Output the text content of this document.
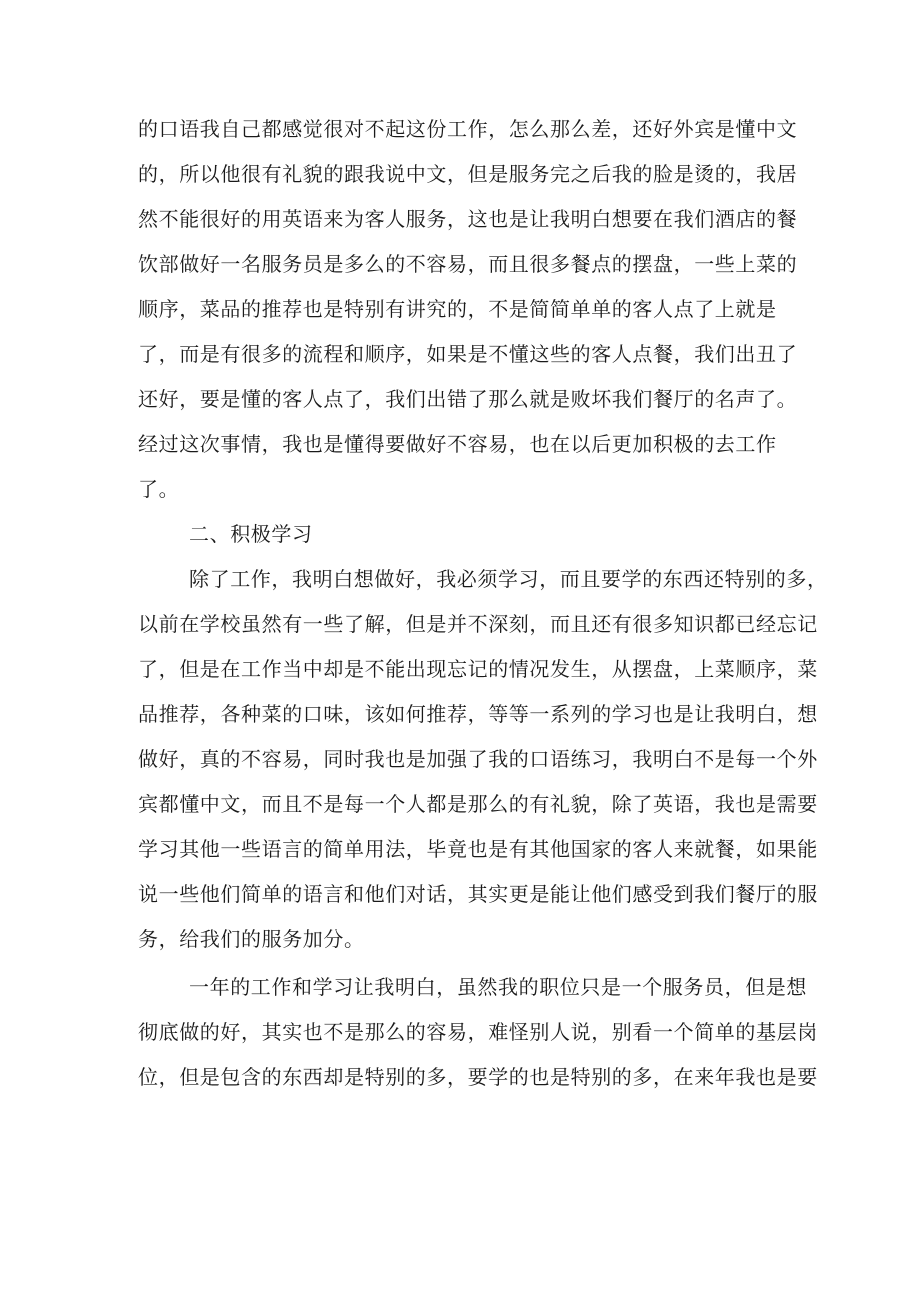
的口语我自己都感觉很对不起这份工作，怎么那么差，还好外宾是懂中文
的，所以他很有礼貌的跟我说中文，但是服务完之后我的脸是烫的，我居
然不能很好的用英语来为客人服务，这也是让我明白想要在我们酒店的餐
饮部做好一名服务员是多么的不容易，而且很多餐点的摆盘，一些上菜的
顺序，菜品的推荐也是特别有讲究的，不是简简单单的客人点了上就是
了，而是有很多的流程和顺序，如果是不懂这些的客人点餐，我们出丑了
还好，要是懂的客人点了，我们出错了那么就是败坏我们餐厅的名声了。
经过这次事情，我也是懂得要做好不容易，也在以后更加积极的去工作
了。
二、积极学习
除了工作，我明白想做好，我必须学习，而且要学的东西还特别的多，
以前在学校虽然有一些了解，但是并不深刻，而且还有很多知识都已经忘记
了，但是在工作当中却是不能出现忘记的情况发生，从摆盘，上菜顺序，菜
品推荐，各种菜的口味，该如何推荐，等等一系列的学习也是让我明白，想
做好，真的不容易，同时我也是加强了我的口语练习，我明白不是每一个外
宾都懂中文，而且不是每一个人都是那么的有礼貌，除了英语，我也是需要
学习其他一些语言的简单用法，毕竟也是有其他国家的客人来就餐，如果能
说一些他们简单的语言和他们对话，其实更是能让他们感受到我们餐厅的服
务，给我们的服务加分。
一年的工作和学习让我明白，虽然我的职位只是一个服务员，但是想
彻底做的好，其实也不是那么的容易，难怪别人说，别看一个简单的基层岗
位，但是包含的东西却是特别的多，要学的也是特别的多，在来年我也是要
